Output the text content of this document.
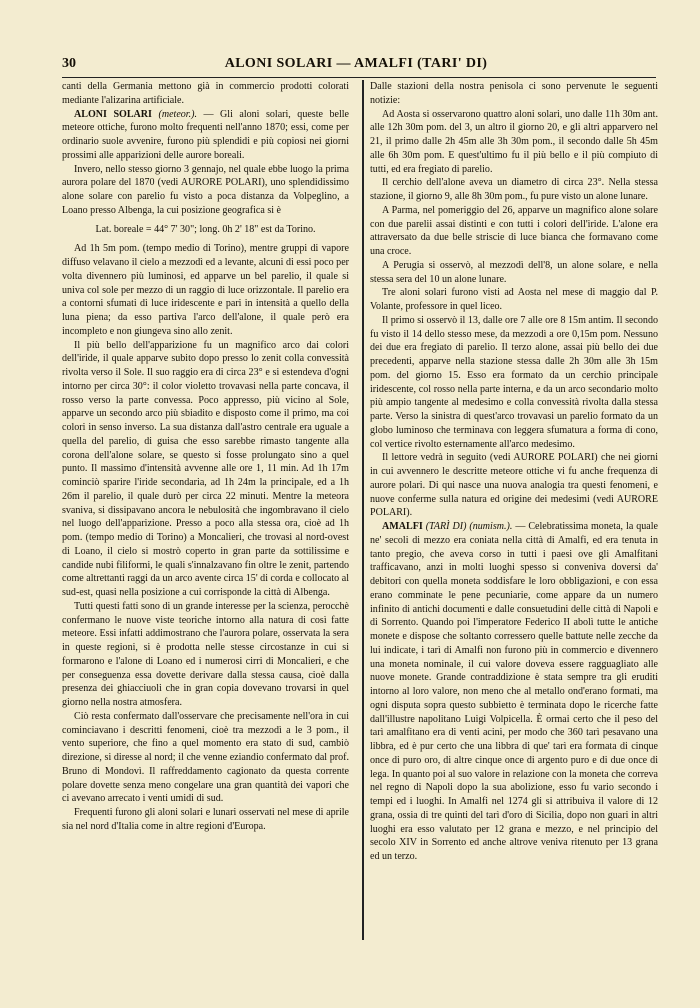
30	ALONI SOLARI — AMALFI (TARI' DI)

canti della Germania mettono già in commercio prodotti colorati mediante l'alizarina artificiale.

ALONI SOLARI (meteor.). — Gli aloni solari, queste belle meteore ottiche, furono molto frequenti nell'anno 1870; essi, come per ordinario suole avvenire, furono più splendidi e più copiosi nei giorni prossimi alle apparizioni delle aurore boreali.

Invero, nello stesso giorno 3 gennajo, nel quale ebbe luogo la prima aurora polare del 1870 (vedi AURORE POLARI), uno splendidissimo alone solare con parelio fu visto a poca distanza da Volpeglino, a Loano presso Albenga, la cui posizione geografica si è

Lat. boreale = 44° 7' 30"; long. 0h 2' 18" est da Torino.

Ad 1h 5m pom. (tempo medio di Torino), mentre gruppi di vapore diffuso velavano il cielo a mezzodì ed a levante, alcuni di essi poco per volta divennero più luminosi, ed apparve un bel parelio, il quale si univa col sole per mezzo di un raggio di luce orizzontale. Il parelio era a contorni sfumati di luce iridescente e pari in intensità a quello della luna piena; da esso partiva l'arco dell'alone, il quale però era incompleto e non giungeva sino allo zenit.

Il più bello dell'apparizione fu un magnifico arco dai colori dell'iride, il quale apparve subito dopo presso lo zenit colla convessità rivolta verso il Sole. Il suo raggio era di circa 23° e si estendeva d'ogni intorno per circa 30°: il color violetto trovavasi nella parte concava, il rosso verso la parte convessa. Poco appresso, più vicino al Sole, apparve un secondo arco più sbiadito e disposto come il primo, ma coi colori in senso inverso. La sua distanza dall'astro centrale era uguale a quella del parelio, di guisa che esso sarebbe rimasto tangente alla corona dell'alone solare, se questo si fosse prolungato sino a quel punto. Il massimo d'intensità avvenne alle ore 1, 11 min. Ad 1h 17m cominciò sparire l'iride secondaria, ad 1h 24m la principale, ed a 1h 26m il parelio, il quale durò per circa 22 minuti. Mentre la meteora svaniva, si dissipavano ancora le nebulosità che ingombravano il cielo nel luogo dell'apparizione. Presso a poco alla stessa ora, cioè ad 1h pom. (tempo medio di Torino) a Moncalieri, che trovasi al nord-ovest di Loano, il cielo si mostrò coperto in gran parte da sottilissime e candide nubi filiformi, le quali s'innalzavano fin oltre le zenit, partendo come altrettanti raggi da un arco avente circa 15' di corda e collocato al sud-est, quasi nella posizione a cui corrisponde la città di Albenga.

Tutti questi fatti sono di un grande interesse per la scienza, perocchè confermano le nuove viste teoriche intorno alla natura di così fatte meteore. Essi infatti addimostrano che l'aurora polare, osservata la sera in queste regioni, si è prodotta nelle stesse circostanze in cui si formarono e l'alone di Loano ed i numerosi cirri di Moncalieri, e che per conseguenza essa dovette derivare dalla stessa causa, cioè dalla presenza dei ghiacciuoli che in gran copia dovevano trovarsi in quel giorno nella nostra atmosfera.

Ciò resta confermato dall'osservare che precisamente nell'ora in cui cominciavano i descritti fenomeni, cioè tra mezzodì a le 3 pom., il vento superiore, che fino a quel momento era stato di sud, cambiò direzione, si diresse al nord; il che venne eziandio confermato dal prof. Bruno di Mondovì. Il raffreddamento cagionato da questa corrente polare dovette senza meno congelare una gran quantità dei vapori che ci avevano arrecato i venti umidi di sud.

Frequenti furono gli aloni solari e lunari osservati nel mese di aprile sia nel nord d'Italia come in altre regioni d'Europa.

Dalle stazioni della nostra penisola ci sono pervenute le seguenti notizie:

Ad Aosta si osservarono quattro aloni solari, uno dalle 11h 30m ant. alle 12h 30m pom. del 3, un altro il giorno 20, e gli altri apparvero nel 21, il primo dalle 2h 45m alle 3h 30m pom., il secondo dalle 5h 45m alle 6h 30m pom. E quest'ultimo fu il più bello e il più compiuto di tutti, ed era fregiato di parelio.

Il cerchio dell'alone aveva un diametro di circa 23°. Nella stessa stazione, il giorno 9, alle 8h 30m pom., fu pure visto un alone lunare.

A Parma, nel pomeriggio del 26, apparve un magnifico alone solare con due parelii assai distinti e con tutti i colori dell'iride. L'alone era attraversato da due belle striscie di luce bianca che formavano come una croce.

A Perugia si osservò, al mezzodì dell'8, un alone solare, e nella stessa sera del 10 un alone lunare.

Tre aloni solari furono visti ad Aosta nel mese di maggio dal P. Volante, professore in quel liceo.

Il primo si osservò il 13, dalle ore 7 alle ore 8 15m antim. Il secondo fu visto il 14 dello stesso mese, da mezzodì a ore 0,15m pom. Nessuno dei due era fregiato di parelio. Il terzo alone, assai più bello dei due precedenti, apparve nella stazione stessa dalle 2h 30m alle 3h 15m pom. del giorno 15. Esso era formato da un cerchio principale iridescente, col rosso nella parte interna, e da un arco secondario molto più ampio tangente al medesimo e colla convessità rivolta dalla stessa parte. Verso la sinistra di quest'arco trovavasi un parelio formato da un globo luminoso che terminava con leggera sfumatura a forma di cono, col vertice rivolto esternamente all'arco medesimo.

Il lettore vedrà in seguito (vedi AURORE POLARI) che nei giorni in cui avvennero le descritte meteore ottiche vi fu anche frequenza di aurore polari. Di qui nasce una nuova analogia tra questi fenomeni, e nuove conferme sulla natura ed origine dei medesimi (vedi AURORE POLARI).

AMALFI (TARÌ DI) (numism.). — Celebratissima moneta, la quale ne' secoli di mezzo era coniata nella città di Amalfi, ed era tenuta in tanto pregio, che aveva corso in tutti i paesi ove gli Amalfitani trafficavano, anzi in molti luoghi spesso si conveniva doversi da' debitori con quella moneta soddisfare le loro obbligazioni, e con essa erano comminate le pene pecuniarie, come appare da un numero infinito di antichi documenti e dalle consuetudini delle città di Napoli e di Sorrento. Quando poi l'imperatore Federico II abolì tutte le antiche monete e dispose che soltanto corressero quelle battute nelle zecche da lui indicate, i tarì di Amalfi non furono più in commercio e divennero una moneta nominale, il cui valore doveva essere ragguagliato alle nuove monete. Grande contraddizione è stata sempre tra gli eruditi intorno al loro valore, non meno che al metallo ond'erano formati, ma ogni disputa sopra questo subbietto è terminata dopo le ricerche fatte dall'illustre napolitano Luigi Volpicella. È ormai certo che il peso del tarì amalfitano era di venti acini, per modo che 360 tarì pesavano una libbra, ed è pur certo che una libbra di que' tarì era formata di cinque once di puro oro, di altre cinque once di argento puro e di due once di lega. In quanto poi al suo valore in relazione con la moneta che correva nel regno di Napoli dopo la sua abolizione, esso fu vario secondo i tempi ed i luoghi. In Amalfi nel 1274 gli si attribuiva il valore di 12 grana, ossia di tre quinti del tarì d'oro di Sicilia, dopo non guari in altri luoghi era esso valutato per 12 grana e mezzo, e nel principio del secolo XIV in Sorrento ed anche altrove veniva ritenuto per 13 grana ed un terzo.
